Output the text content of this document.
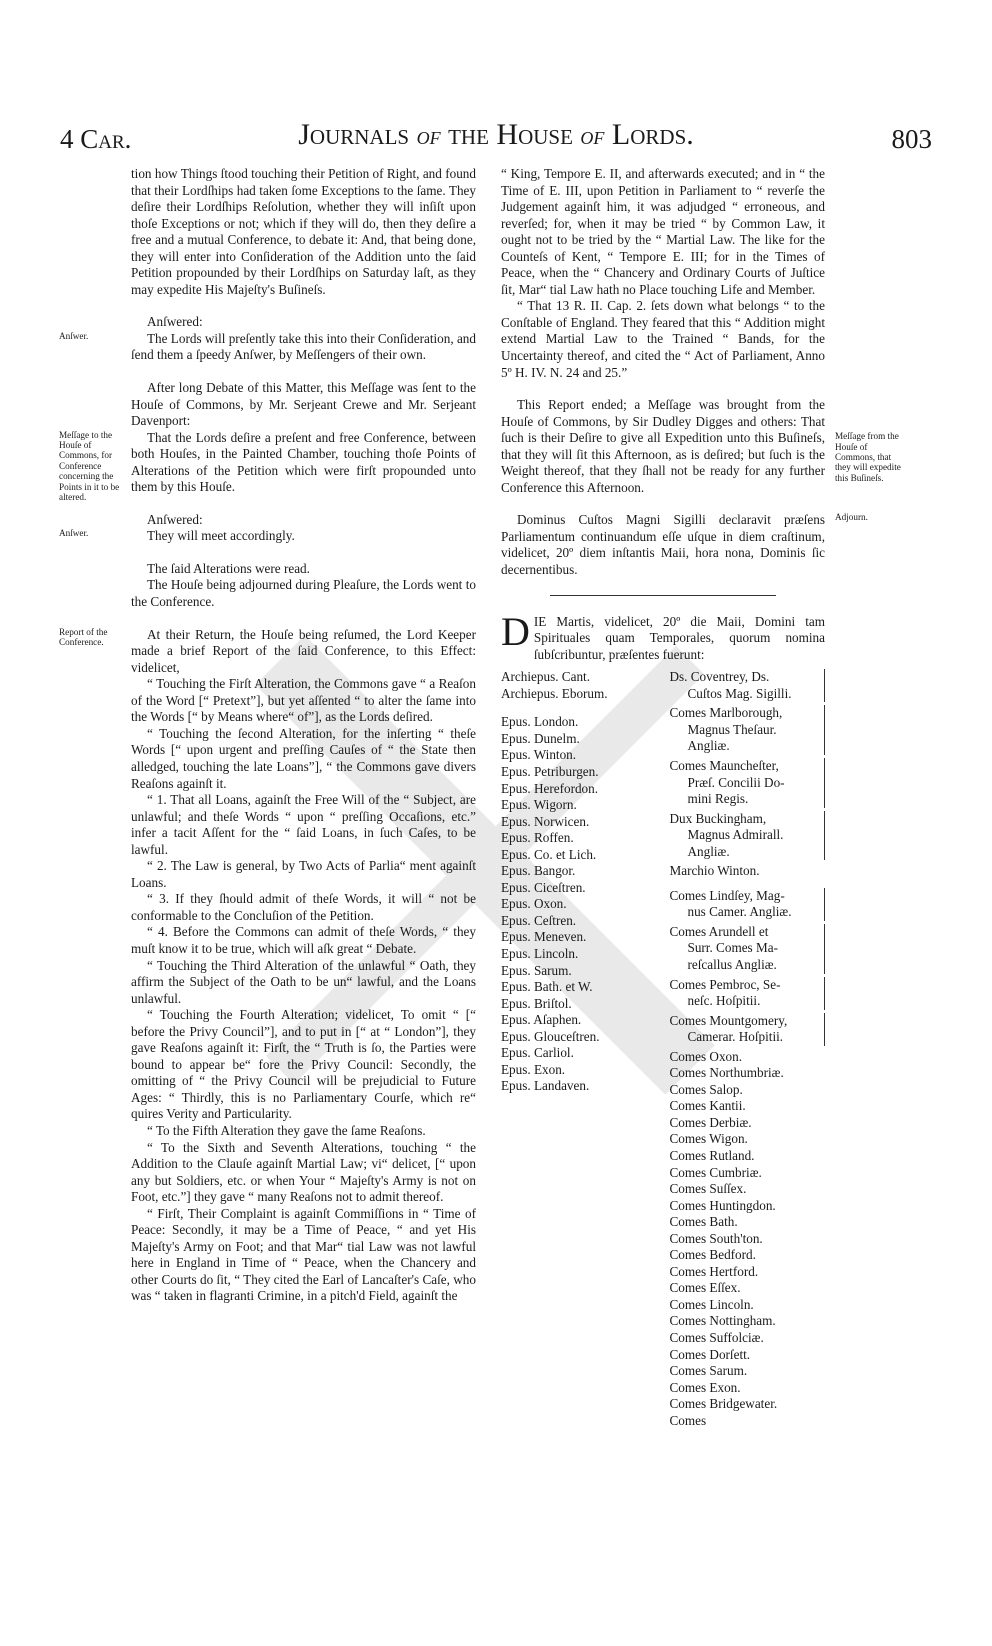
4 Car.	Journals of the Houſe of Lords.	803

tion how Things ſtood touching their Petition of Right, and found that their Lordſhips had taken ſome Exceptions to the ſame. They deſire their Lordſhips Reſolution, whether they will inſiſt upon thoſe Exceptions or not; which if they will do, then they deſire a free and a mutual Conference, to debate it: And, that being done, they will enter into Conſideration of the Addition unto the ſaid Petition propounded by their Lordſhips on Saturday laſt, as they may expedite His Majeſty's Buſineſs.

Anſwered:

Anſwer.	The Lords will preſently take this into their Conſideration, and ſend them a ſpeedy Anſwer, by Meſſengers of their own.

After long Debate of this Matter, this Meſſage was ſent to the Houſe of Commons, by Mr. Serjeant Crewe and Mr. Serjeant Davenport:

Meſſage to the Houſe of Commons, for Conference concerning the Points in it to be altered.
That the Lords deſire a preſent and free Conference, between both Houſes, in the Painted Chamber, touching thoſe Points of Alterations of the Petition which were firſt propounded unto them by this Houſe.

Anſwered:

Anſwer.	They will meet accordingly.

The ſaid Alterations were read.

The Houſe being adjourned during Pleaſure, the Lords went to the Conference.

Report of the Conference.
At their Return, the Houſe being reſumed, the Lord Keeper made a brief Report of the ſaid Conference, to this Effect: videlicet,

“ Touching the Firſt Alteration, the Commons gave “ a Reaſon of the Word [“ Pretext”], but yet aſſented “ to alter the ſame into the Words [“ by Means where“ of”], as the Lords deſired.

“ Touching the ſecond Alteration, for the inſerting “ theſe Words [“ upon urgent and preſſing Cauſes of “ the State then alledged, touching the late Loans”], “ the Commons gave divers Reaſons againſt it.

“ 1. That all Loans, againſt the Free Will of the “ Subject, are unlawful; and theſe Words “ upon “ preſſing Occaſions, etc.” infer a tacit Aſſent for the “ ſaid Loans, in ſuch Caſes, to be lawful.

“ 2. The Law is general, by Two Acts of Parlia“ ment againſt Loans.

“ 3. If they ſhould admit of theſe Words, it will “ not be conformable to the Concluſion of the Petition.

“ 4. Before the Commons can admit of theſe Words, “ they muſt know it to be true, which will aſk great “ Debate.

“ Touching the Third Alteration of the unlawful “ Oath, they affirm the Subject of the Oath to be un“ lawful, and the Loans unlawful.

“ Touching the Fourth Alteration; videlicet, To omit “ [“ before the Privy Council”], and to put in [“ at “ London”], they gave Reaſons againſt it: Firſt, the “ Truth is ſo, the Parties were bound to appear be“ fore the Privy Council: Secondly, the omitting of “ the Privy Council will be prejudicial to Future Ages: “ Thirdly, this is no Parliamentary Courſe, which re“ quires Verity and Particularity.

“ To the Fifth Alteration they gave the ſame Reaſons.

“ To the Sixth and Seventh Alterations, touching “ the Addition to the Clauſe againſt Martial Law; vi“ delicet, [“ upon any but Soldiers, etc. or when Your “ Majeſty's Army is not on Foot, etc.”] they gave “ many Reaſons not to admit thereof.

“ Firſt, Their Complaint is againſt Commiſſions in “ Time of Peace: Secondly, it may be a Time of Peace, “ and yet His Majeſty's Army on Foot; and that Mar“ tial Law was not lawful here in England in Time of “ Peace, when the Chancery and other Courts do ſit, “ They cited the Earl of Lancaſter's Caſe, who was “ taken in flagranti Crimine, in a pitch'd Field, againſt the

“ King, Tempore E. II, and afterwards executed; and in “ the Time of E. III, upon Petition in Parliament to “ reverſe the Judgement againſt him, it was adjudged “ erroneous, and reverſed; for, when it may be tried “ by Common Law, it ought not to be tried by the “ Martial Law. The like for the Counteſs of Kent, “ Tempore E. III; for in the Times of Peace, when the “ Chancery and Ordinary Courts of Juſtice ſit, Mar“ tial Law hath no Place touching Life and Member.

“ That 13 R. II. Cap. 2. ſets down what belongs “ to the Conſtable of England. They feared that this “ Addition might extend Martial Law to the Trained “ Bands, for the Uncertainty thereof, and cited the “ Act of Parliament, Anno 5º H. IV. N. 24 and 25.”

Meſſage from the Houſe of Commons, that they will expedite this Buſineſs.
This Report ended; a Meſſage was brought from the Houſe of Commons, by Sir Dudley Digges and others: That ſuch is their Deſire to give all Expedition unto this Buſineſs, that they will ſit this Afternoon, as is deſired; but ſuch is the Weight thereof, that they ſhall not be ready for any further Conference this Afternoon.

Adjourn.
Dominus Cuſtos Magni Sigilli declaravit præſens Parliamentum continuandum eſſe uſque in diem craſtinum, videlicet, 20º diem inſtantis Maii, hora nona, Dominis ſic decernentibus.

DIE Martis, videlicet, 20º die Maii, Domini tam Spirituales quam Temporales, quorum nomina ſubſcribuntur, præſentes fuerunt:

Archiepus. Cant.
Archiepus. Eborum.
Epus. London.
Epus. Dunelm.
Epus. Winton.
Epus. Petriburgen.
Epus. Herefordon.
Epus. Wigorn.
Epus. Norwicen.
Epus. Roffen.
Epus. Co. et Lich.
Epus. Bangor.
Epus. Ciceſtren.
Epus. Oxon.
Epus. Ceſtren.
Epus. Meneven.
Epus. Lincoln.
Epus. Sarum.
Epus. Bath. et W.
Epus. Briſtol.
Epus. Aſaphen.
Epus. Glouceſtren.
Epus. Carliol.
Epus. Exon.
Epus. Landaven.
Ds. Coventrey, Ds.
Cuſtos Mag. Sigilli.
Comes Marlborough,
Magnus Theſaur.
Angliæ.
Comes Mauncheſter,
Præſ. Concilii Do-
mini Regis.
Dux Buckingham,
Magnus Admirall.
Angliæ.
Marchio Winton.
Comes Lindſey, Mag-
nus Camer. Angliæ.
Comes Arundell et
Surr. Comes Ma-
reſcallus Angliæ.
Comes Pembroc, Se-
neſc. Hoſpitii.
Comes Mountgomery,
Camerar. Hoſpitii.
Comes Oxon.
Comes Northumbriæ.
Comes Salop.
Comes Kantii.
Comes Derbiæ.
Comes Wigon.
Comes Rutland.
Comes Cumbriæ.
Comes Suſſex.
Comes Huntingdon.
Comes Bath.
Comes South'ton.
Comes Bedford.
Comes Hertford.
Comes Eſſex.
Comes Lincoln.
Comes Nottingham.
Comes Suffolciæ.
Comes Dorſett.
Comes Sarum.
Comes Exon.
Comes Bridgewater.
Comes
